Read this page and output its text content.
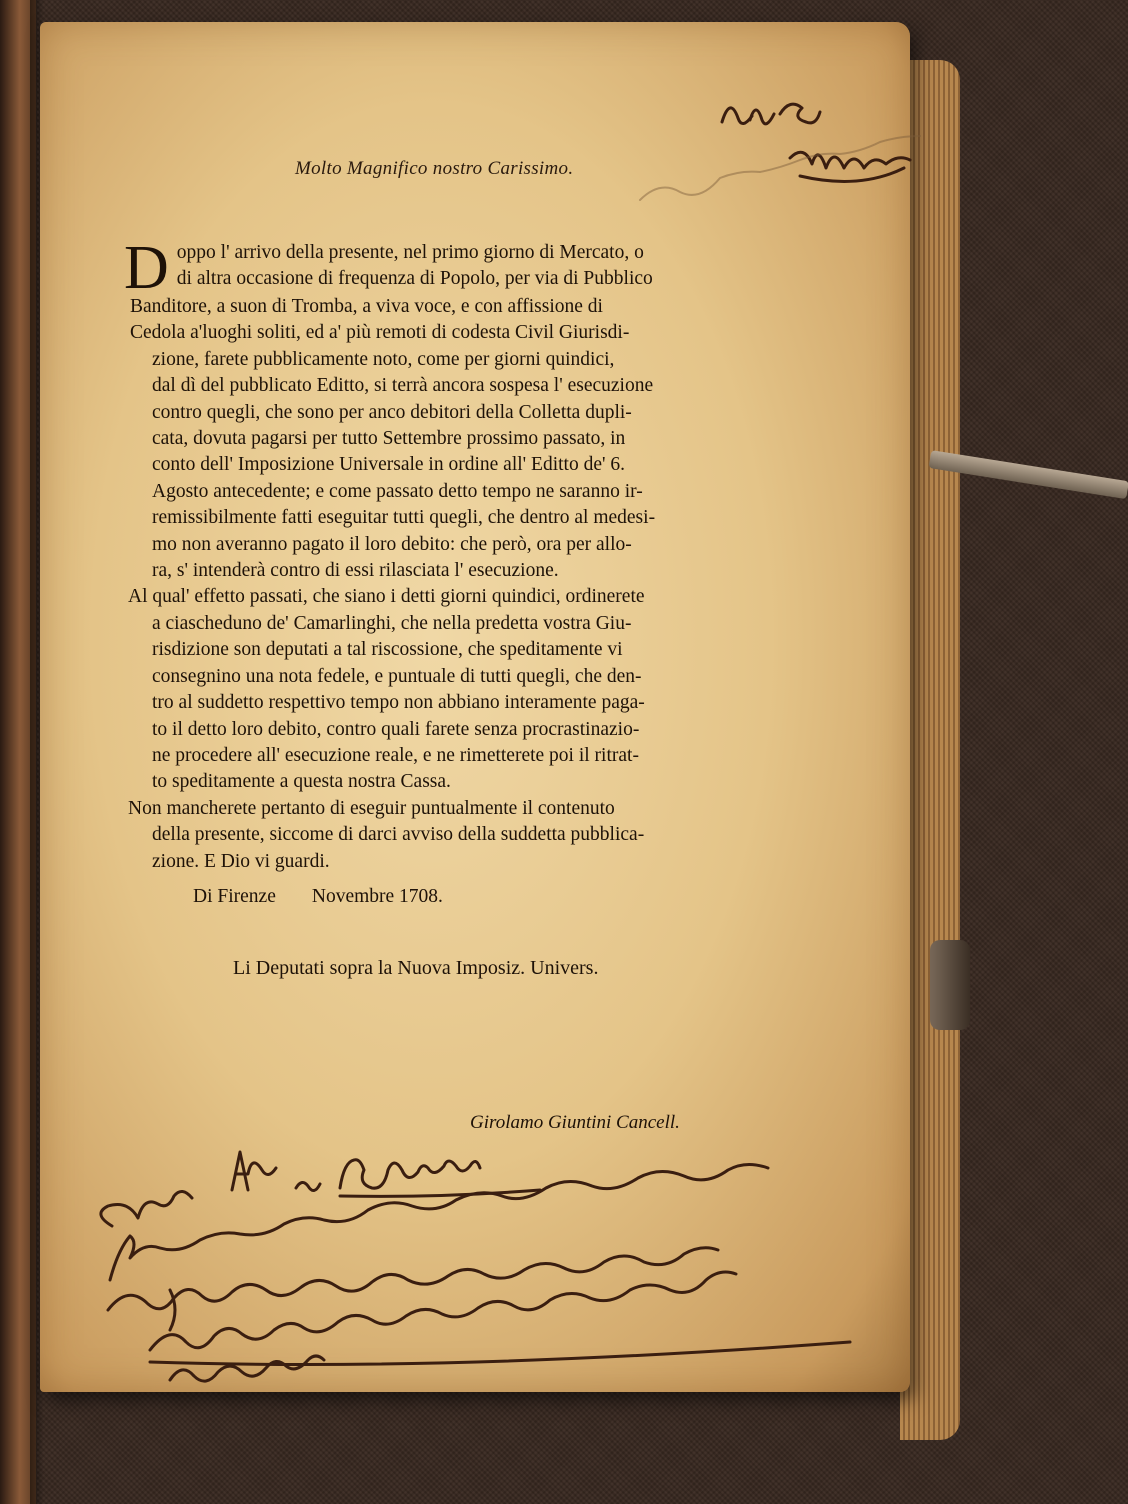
Molto Magnifico nostro Carissimo.
D oppo l' arrivo della presente, nel primo giorno di Mercato, o
di altra occasione di frequenza di Popolo, per via di Pubblico
Banditore, a suon di Tromba, a viva voce, e con affissione di
Cedola a'luoghi soliti, ed a' più remoti di codesta Civil Giurisdi-
zione, farete pubblicamente noto, come per giorni quindici,
dal dì del pubblicato Editto, si terrà ancora sospesa l' esecuzione
contro quegli, che sono per anco debitori della Colletta dupli-
cata, dovuta pagarsi per tutto Settembre prossimo passato, in
conto dell' Imposizione Universale in ordine all' Editto de' 6.
Agosto antecedente; e come passato detto tempo ne saranno ir-
remissibilmente fatti eseguitar tutti quegli, che dentro al medesi-
mo non averanno pagato il loro debito: che però, ora per allo-
ra, s' intenderà contro di essi rilasciata l' esecuzione.
Al qual' effetto passati, che siano i detti giorni quindici, ordinerete
a ciascheduno de' Camarlinghi, che nella predetta vostra Giu-
risdizione son deputati a tal riscossione, che speditamente vi
consegnino una nota fedele, e puntuale di tutti quegli, che den-
tro al suddetto respettivo tempo non abbiano interamente paga-
to il detto loro debito, contro quali farete senza procrastinazio-
ne procedere all' esecuzione reale, e ne rimetterete poi il ritrat-
to speditamente a questa nostra Cassa.
Non mancherete pertanto di eseguir puntualmente il contenuto
della presente, siccome di darci avviso della suddetta pubblica-
zione. E Dio vi guardi.
Di Firenze Novembre 1708.
Li Deputati sopra la Nuova Imposiz. Univers.
Girolamo Giuntini Cancell.
